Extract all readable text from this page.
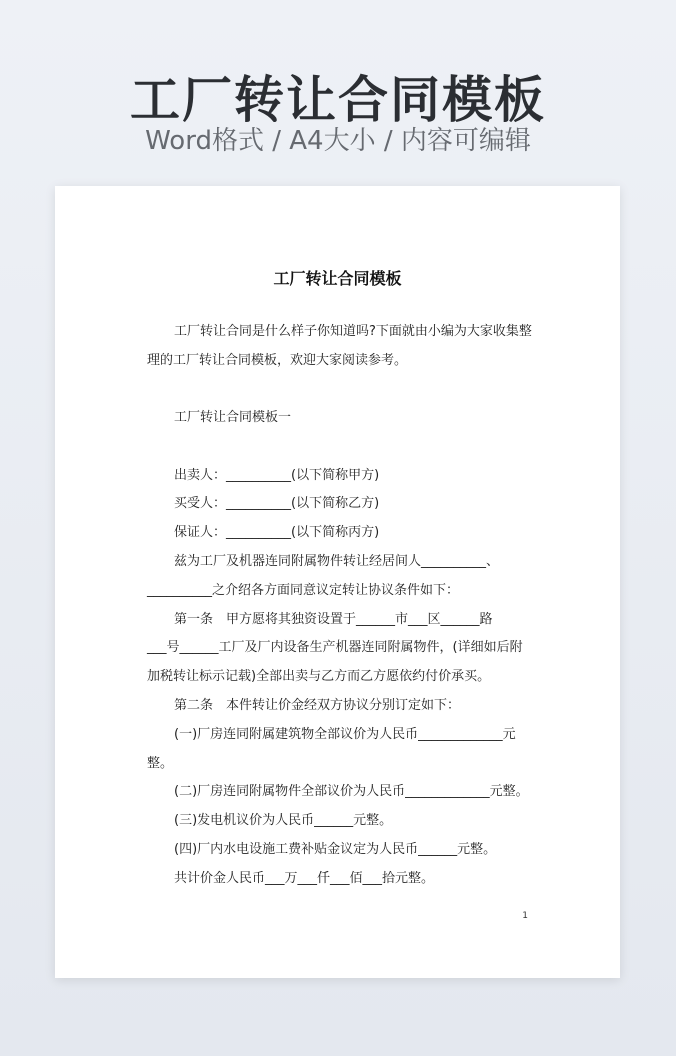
工厂转让合同模板
Word格式 / A4大小 / 内容可编辑
工厂转让合同模板
工厂转让合同是什么样子你知道吗?下面就由小编为大家收集整
理的工厂转让合同模板，欢迎大家阅读参考。
工厂转让合同模板一
出卖人：__________(以下简称甲方)
买受人：__________(以下简称乙方)
保证人：__________(以下简称丙方)
兹为工厂及机器连同附属物件转让经居间人__________、
__________之介绍各方面同意议定转让协议条件如下：
第一条　甲方愿将其独资设置于______市___区______路
___号______工厂及厂内设备生产机器连同附属物件，(详细如后附
加税转让标示记载)全部出卖与乙方而乙方愿依约付价承买。
第二条　本件转让价金经双方协议分别订定如下：
(一)厂房连同附属建筑物全部议价为人民币_____________元
整。
(二)厂房连同附属物件全部议价为人民币_____________元整。
(三)发电机议价为人民币______元整。
(四)厂内水电设施工费补贴金议定为人民币______元整。
共计价金人民币___万___仟___佰___拾元整。
1
